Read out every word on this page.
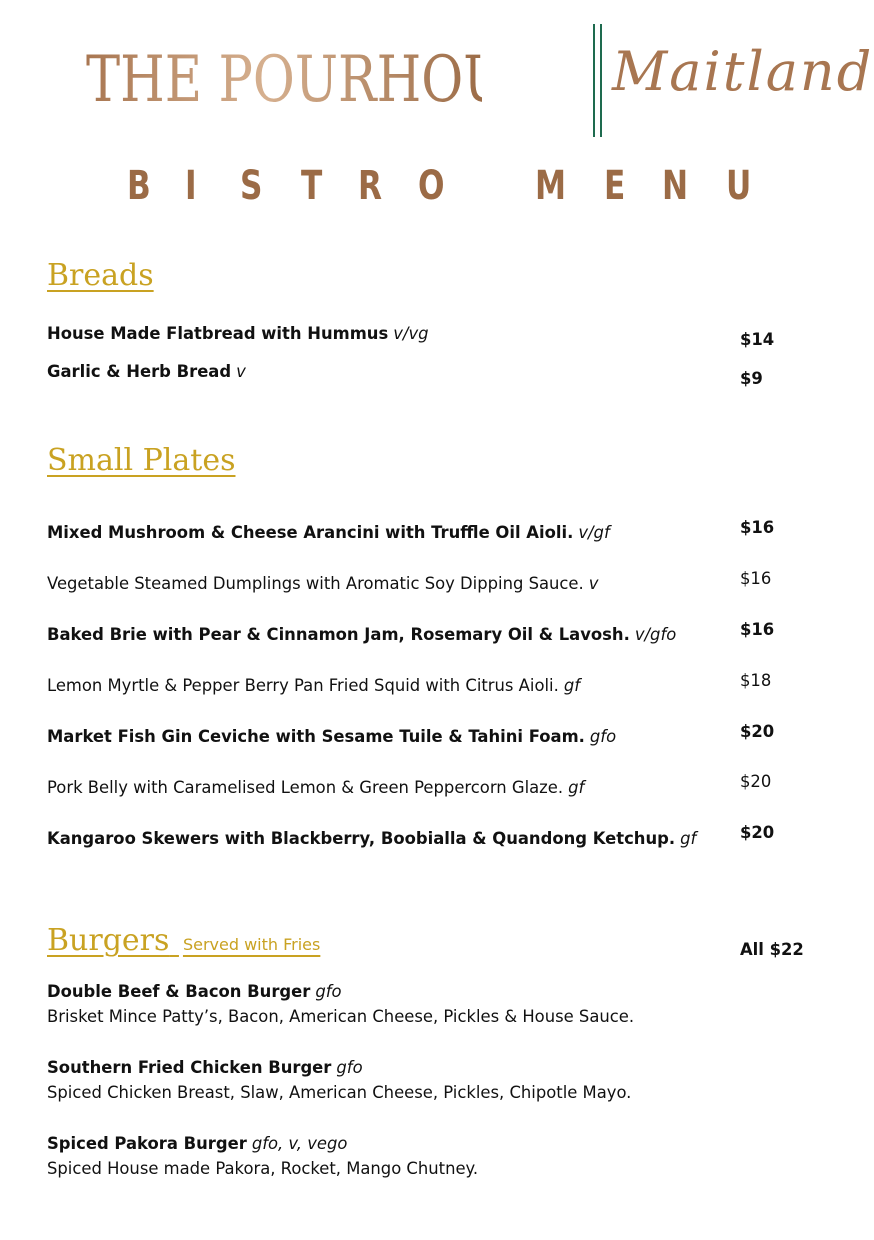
THE POURHOUSE Maitland
B I S T R O M E N U
Breads
House Made Flatbread with Hummus v/vg	$14
Garlic & Herb Bread v	$9
Small Plates
Mixed Mushroom & Cheese Arancini with Truffle Oil Aioli. v/gf	$16
Vegetable Steamed Dumplings with Aromatic Soy Dipping Sauce. v	$16
Baked Brie with Pear & Cinnamon Jam, Rosemary Oil & Lavosh. v/gfo	$16
Lemon Myrtle & Pepper Berry Pan Fried Squid with Citrus Aioli. gf	$18
Market Fish Gin Ceviche with Sesame Tuile & Tahini Foam. gfo	$20
Pork Belly with Caramelised Lemon & Green Peppercorn Glaze. gf	$20
Kangaroo Skewers with Blackberry, Boobialla & Quandong Ketchup. gf	$20
Burgers Served with Fries	All $22
Double Beef & Bacon Burger gfo
Brisket Mince Patty’s, Bacon, American Cheese, Pickles & House Sauce.
Southern Fried Chicken Burger gfo
Spiced Chicken Breast, Slaw, American Cheese, Pickles, Chipotle Mayo.
Spiced Pakora Burger gfo, v, vego
Spiced House made Pakora, Rocket, Mango Chutney.
